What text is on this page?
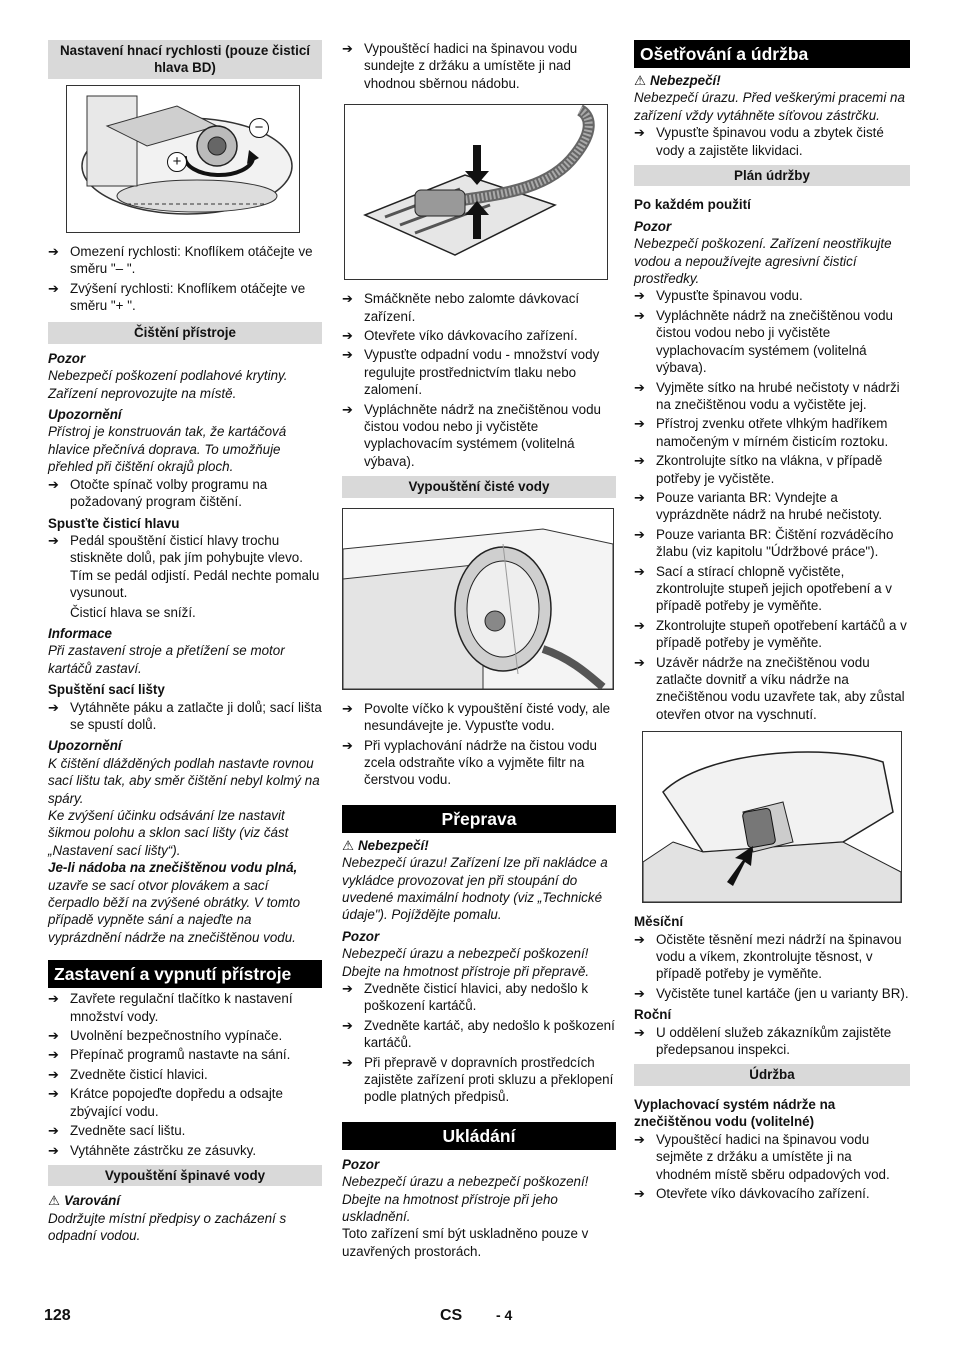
Nastavení hnací rychlosti (pouze čisticí hlava BD)
+
−
➔ Omezení rychlosti: Knoflíkem otáčejte ve směru "– ".
➔ Zvýšení rychlosti: Knoflíkem otáčejte ve směru "+ ".
Čištění přístroje
Pozor
Nebezpečí poškození podlahové krytiny. Zařízení neprovozujte na místě.
Upozornění
Přístroj je konstruován tak, že kartáčová hlavice přečnívá doprava. To umožňuje přehled při čištění okrajů ploch.
➔ Otočte spínač volby programu na požadovaný program čištění.
Spusťte čisticí hlavu
➔ Pedál spouštění čisticí hlavy trochu stiskněte dolů, pak jím pohybujte vlevo. Tím se pedál odjistí. Pedál nechte pomalu vysunout.
Čisticí hlava se sníží.
Informace
Při zastavení stroje a přetížení se motor kartáčů zastaví.
Spuštění sací lišty
➔ Vytáhněte páku a zatlačte ji dolů; sací lišta se spustí dolů.
Upozornění
K čištění dlážděných podlah nastavte rovnou sací lištu tak, aby směr čištění nebyl kolmý na spáry.
Ke zvýšení účinku odsávání lze nastavit šikmou polohu a sklon sací lišty (viz část „Nastavení sací lišty“).
Je-li nádoba na znečištěnou vodu plná, uzavře se sací otvor plovákem a sací čerpadlo běží na zvýšené obrátky. V tomto případě vypněte sání a najeďte na vyprázdnění nádrže na znečištěnou vodu.
Zastavení a vypnutí přístroje
➔ Zavřete regulační tlačítko k nastavení množství vody.
➔ Uvolnění bezpečnostního vypínače.
➔ Přepínač programů nastavte na sání.
➔ Zvedněte čisticí hlavici.
➔ Krátce popojeďte dopředu a odsajte zbývající vodu.
➔ Zvedněte sací lištu.
➔ Vytáhněte zástrčku ze zásuvky.
Vypouštění špinavé vody
⚠ Varování
Dodržujte místní předpisy o zacházení s odpadní vodou.
➔ Vypouštěcí hadici na špinavou vodu sundejte z držáku a umístěte ji nad vhodnou sběrnou nádobu.
➔ Smáčkněte nebo zalomte dávkovací zařízení.
➔ Otevřete víko dávkovacího zařízení.
➔ Vypusťte odpadní vodu - množství vody regulujte prostřednictvím tlaku nebo zalomení.
➔ Vypláchněte nádrž na znečištěnou vodu čistou vodou nebo ji vyčistěte vyplachovacím systémem (volitelná výbava).
Vypouštění čisté vody
➔ Povolte víčko k vypouštění čisté vody, ale nesundávejte je. Vypusťte vodu.
➔ Při vyplachování nádrže na čistou vodu zcela odstraňte víko a vyjměte filtr na čerstvou vodu.
Přeprava
⚠ Nebezpečí!
Nebezpečí úrazu! Zařízení lze při nakládce a vykládce provozovat jen při stoupání do uvedené maximální hodnoty (viz „Technické údaje"). Pojíždějte pomalu.
Pozor
Nebezpečí úrazu a nebezpečí poškození! Dbejte na hmotnost přístroje při přepravě.
➔ Zvedněte čisticí hlavici, aby nedošlo k poškození kartáčů.
➔ Zvedněte kartáč, aby nedošlo k poškození kartáčů.
➔ Při přepravě v dopravních prostředcích zajistěte zařízení proti skluzu a překlopení podle platných předpisů.
Ukládání
Pozor
Nebezpečí úrazu a nebezpečí poškození! Dbejte na hmotnost přístroje při jeho uskladnění.
Toto zařízení smí být uskladněno pouze v uzavřených prostorách.
Ošetřování a údržba
⚠ Nebezpečí!
Nebezpečí úrazu. Před veškerými pracemi na zařízení vždy vytáhněte síťovou zástrčku.
➔ Vypusťte špinavou vodu a zbytek čisté vody a zajistěte likvidaci.
Plán údržby
Po každém použití
Pozor
Nebezpečí poškození. Zařízení neostřikujte vodou a nepoužívejte agresivní čisticí prostředky.
➔ Vypusťte špinavou vodu.
➔ Vypláchněte nádrž na znečištěnou vodu čistou vodou nebo ji vyčistěte vyplachovacím systémem (volitelná výbava).
➔ Vyjměte sítko na hrubé nečistoty v nádrži na znečištěnou vodu a vyčistěte jej.
➔ Přístroj zvenku otřete vlhkým hadříkem namočeným v mírném čisticím roztoku.
➔ Zkontrolujte sítko na vlákna, v případě potřeby je vyčistěte.
➔ Pouze varianta BR: Vyndejte a vyprázdněte nádrž na hrubé nečistoty.
➔ Pouze varianta BR: Čištění rozváděcího žlabu (viz kapitolu "Údržbové práce").
➔ Sací a stírací chlopně vyčistěte, zkontrolujte stupeň jejich opotřebení a v případě potřeby je vyměňte.
➔ Zkontrolujte stupeň opotřebení kartáčů a v případě potřeby je vyměňte.
➔ Uzávěr nádrže na znečištěnou vodu zatlačte dovnitř a víku nádrže na znečištěnou vodu uzavřete tak, aby zůstal otevřen otvor na vyschnutí.
Měsíční
➔ Očistěte těsnění mezi nádrží na špinavou vodu a víkem, zkontrolujte těsnost, v případě potřeby je vyměňte.
➔ Vyčistěte tunel kartáče (jen u varianty BR).
Roční
➔ U oddělení služeb zákazníkům zajistěte předepsanou inspekci.
Údržba
Vyplachovací systém nádrže na znečištěnou vodu (volitelné)
➔ Vypouštěcí hadici na špinavou vodu sejměte z držáku a umístěte ji na vhodném místě sběru odpadových vod.
➔ Otevřete víko dávkovacího zařízení.
128	CS - 4
